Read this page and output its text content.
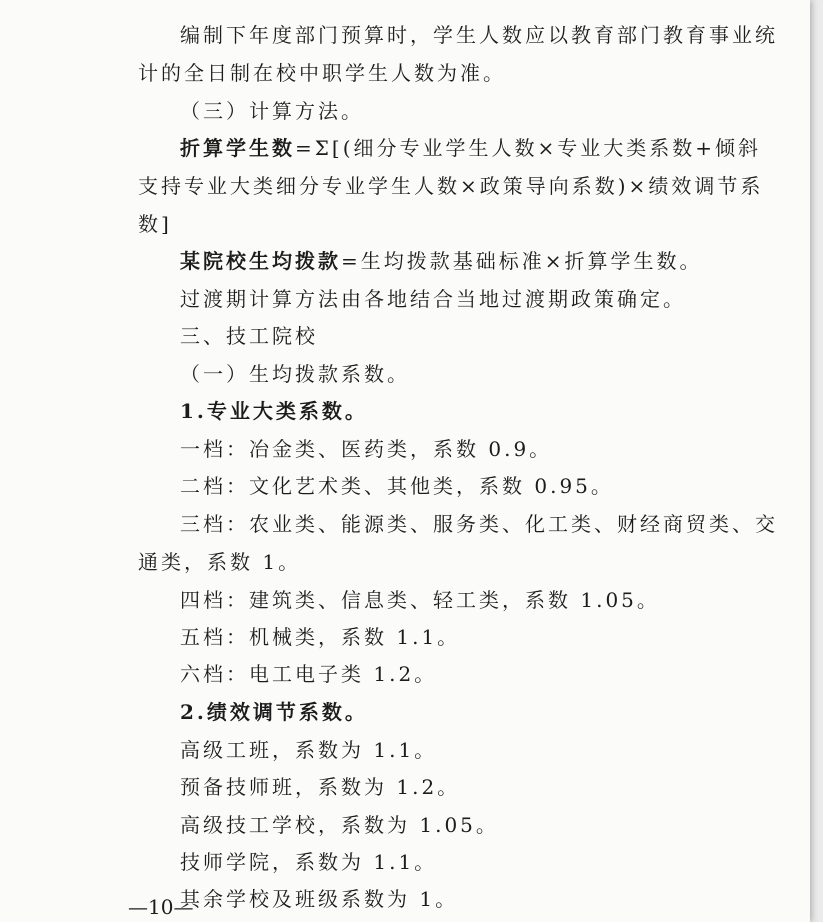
编制下年度部门预算时，学生人数应以教育部门教育事业统
计的全日制在校中职学生人数为准。
（三）计算方法。
折算学生数=Σ[(细分专业学生人数×专业大类系数+倾斜
支持专业大类细分专业学生人数×政策导向系数)×绩效调节系
数]
某院校生均拨款=生均拨款基础标准×折算学生数。
过渡期计算方法由各地结合当地过渡期政策确定。
三、技工院校
（一）生均拨款系数。
1.专业大类系数。
一档：冶金类、医药类，系数 0.9。
二档：文化艺术类、其他类，系数 0.95。
三档：农业类、能源类、服务类、化工类、财经商贸类、交
通类，系数 1。
四档：建筑类、信息类、轻工类，系数 1.05。
五档：机械类，系数 1.1。
六档：电工电子类 1.2。
2.绩效调节系数。
高级工班，系数为 1.1。
预备技师班，系数为 1.2。
高级技工学校，系数为 1.05。
技师学院，系数为 1.1。
其余学校及班级系数为 1。
—10—
